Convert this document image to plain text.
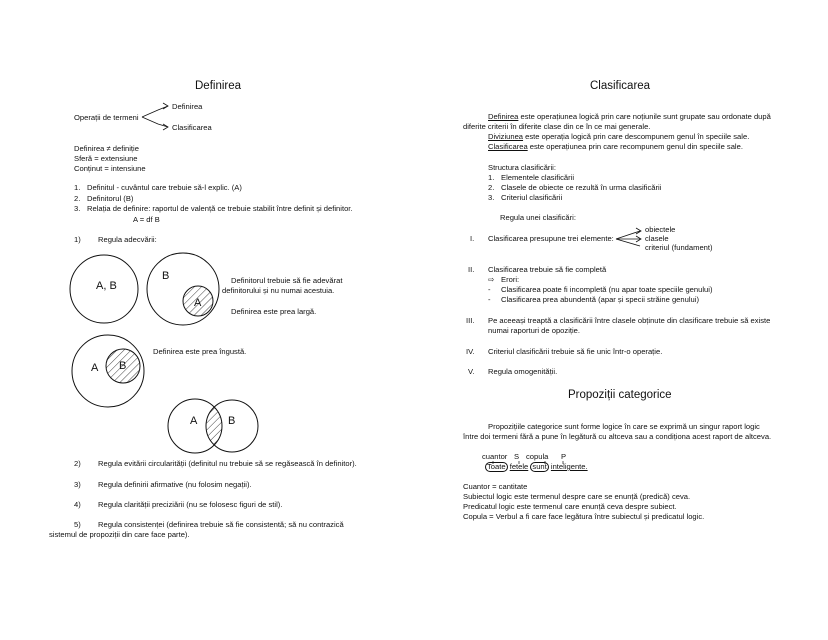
Definirea
Operații de termeni
Definirea
Clasificarea
Definirea ≠ definiție
Sferă = extensiune
Conținut = intensiune
1. Definitul - cuvântul care trebuie să-l explic. (A)
2. Definitorul (B)
3. Relația de definire: raportul de valență ce trebuie stabilit între definit și definitor.
A = df B
1) Regula adecvării:
A, B
B	Definitorul trebuie să fie adevărat
definitorului și nu numai acestuia.
Definirea este prea largă.
A
Definirea este prea îngustă.
A	B
2) Regula evitării circularității (definitul nu trebuie să se regăsească în definitor).
3) Regula definirii afirmative (nu folosim negații).
4) Regula clarității preciziării (nu se folosesc figuri de stil).
5) Regula consistenței (definirea trebuie să fie consistentă; să nu contrazică
sistemul de propoziții din care face parte).
Clasificarea
Definirea este operațiunea logică prin care noțiunile sunt grupate sau ordonate după
diferite criterii în diferite clase din ce în ce mai generale.
Diviziunea este operația logică prin care descompunem genul în speciile sale.
Clasificarea este operațiunea prin care recompunem genul din speciile sale.
Structura clasificării:
1. Elementele clasificării
2. Clasele de obiecte ce rezultă în urma clasificării
3. Criteriul clasificării
Regula unei clasificări:
I. Clasificarea presupune trei elemente:
obiectele
clasele
criteriul (fundament)
II. Clasificarea trebuie să fie completă
⇨ Erori:
- Clasificarea poate fi incompletă (nu apar toate speciile genului)
- Clasificarea prea abundentă (apar și specii străine genului)
III. Pe aceeași treaptă a clasificării între clasele obținute din clasificare trebuie să existe
numai raporturi de opoziție.
IV. Criteriul clasificării trebuie să fie unic într-o operație.
V. Regula omogenității.
Propoziții categorice
Propozițiile categorice sunt forme logice în care se exprimă un singur raport logic
între doi termeni fără a pune în legătură cu altceva sau a condiționa acest raport de altceva.
cuantor S copula P
Toate fetele sunt inteligente.
Cuantor = cantitate
Subiectul logic este termenul despre care se enunță (predică) ceva.
Predicatul logic este termenul care enunță ceva despre subiect.
Copula = Verbul a fi care face legătura între subiectul și predicatul logic.
